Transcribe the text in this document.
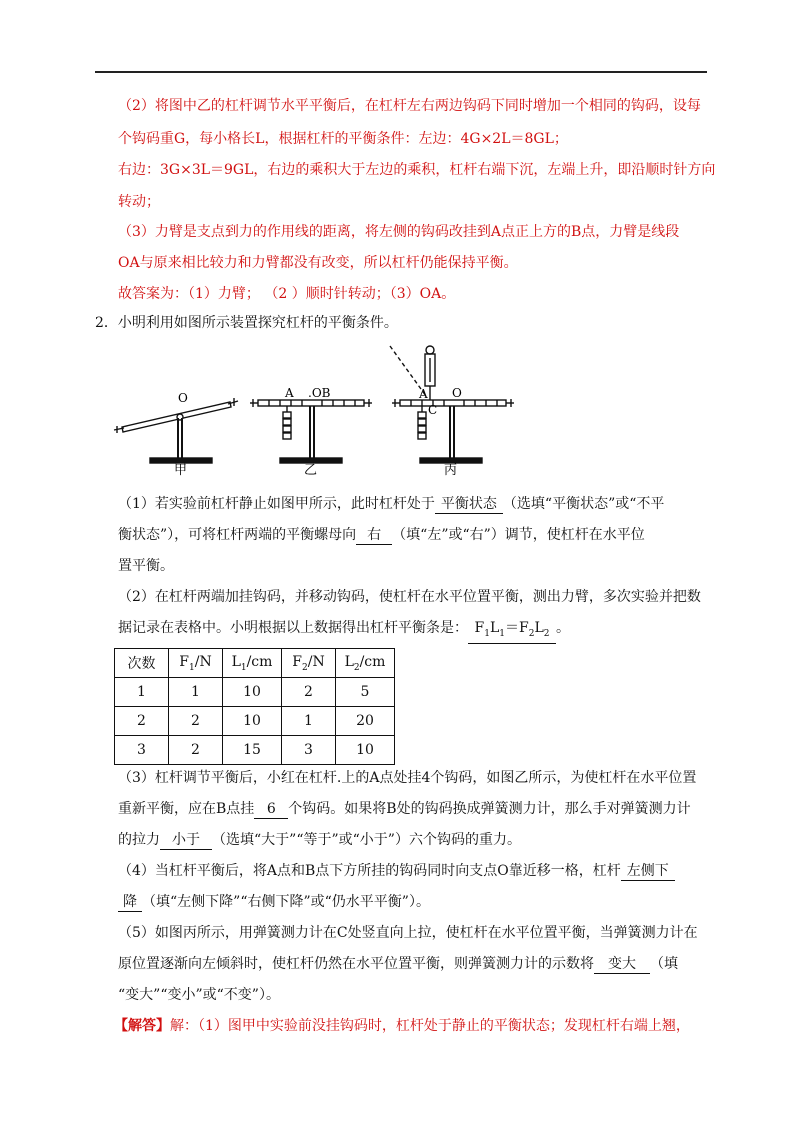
（2）将图中乙的杠杆调节水平平衡后，在杠杆左右两边钩码下同时增加一个相同的钩码，设每
个钩码重G，每小格长L，根据杠杆的平衡条件：左边：4G×2L＝8GL；
右边：3G×3L＝9GL，右边的乘积大于左边的乘积，杠杆右端下沉，左端上升，即沿顺时针方向
转动；
（3）力臂是支点到力的作用线的距离，将左侧的钩码改挂到A点正上方的B点，力臂是线段
OA与原来相比较力和力臂都没有改变，所以杠杆仍能保持平衡。
故答案为：（1）力臂； （2 ）顺时针转动；（3）OA。
2．小明利用如图所示装置探究杠杆的平衡条件。
O
甲
A .OB
乙
A
C
O
丙
（1）若实验前杠杆静止如图甲所示，此时杠杆处于 平衡状态 （选填“平衡状态”或“不平
衡状态”），可将杠杆两端的平衡螺母向 右 （填“左”或“右”）调节，使杠杆在水平位
置平衡。
（2）在杠杆两端加挂钩码，并移动钩码，使杠杆在水平位置平衡，测出力臂，多次实验并把数
据记录在表格中。小明根据以上数据得出杠杆平衡条是： $F_1L_1=F_2L_2$ 。
次数	$F_1/N$	$L_1/cm$	$F_2/N$	$L_2/cm$
1	1	10	2	5
2	2	10	1	20
3	2	15	3	10
（3）杠杆调节平衡后，小红在杠杆.上的A点处挂4个钩码，如图乙所示，为使杠杆在水平位置
重新平衡，应在B点挂 6 个钩码。如果将B处的钩码换成弹簧测力计，那么手对弹簧测力计
的拉力 小于 （选填“大于”“等于”或“小于”）六个钩码的重力。
（4）当杠杆平衡后，将A点和B点下方所挂的钩码同时向支点O靠近移一格，杠杆 左侧下
降 （填“左侧下降”“右侧下降”或“仍水平平衡”）。
（5）如图丙所示，用弹簧测力计在C处竖直向上拉，使杠杆在水平位置平衡，当弹簧测力计在
原位置逐渐向左倾斜时，使杠杆仍然在水平位置平衡，则弹簧测力计的示数将 变大 （填
“变大”“变小”或“不变”）。
【解答】解：（1）图甲中实验前没挂钩码时，杠杆处于静止的平衡状态；发现杠杆右端上翘，
